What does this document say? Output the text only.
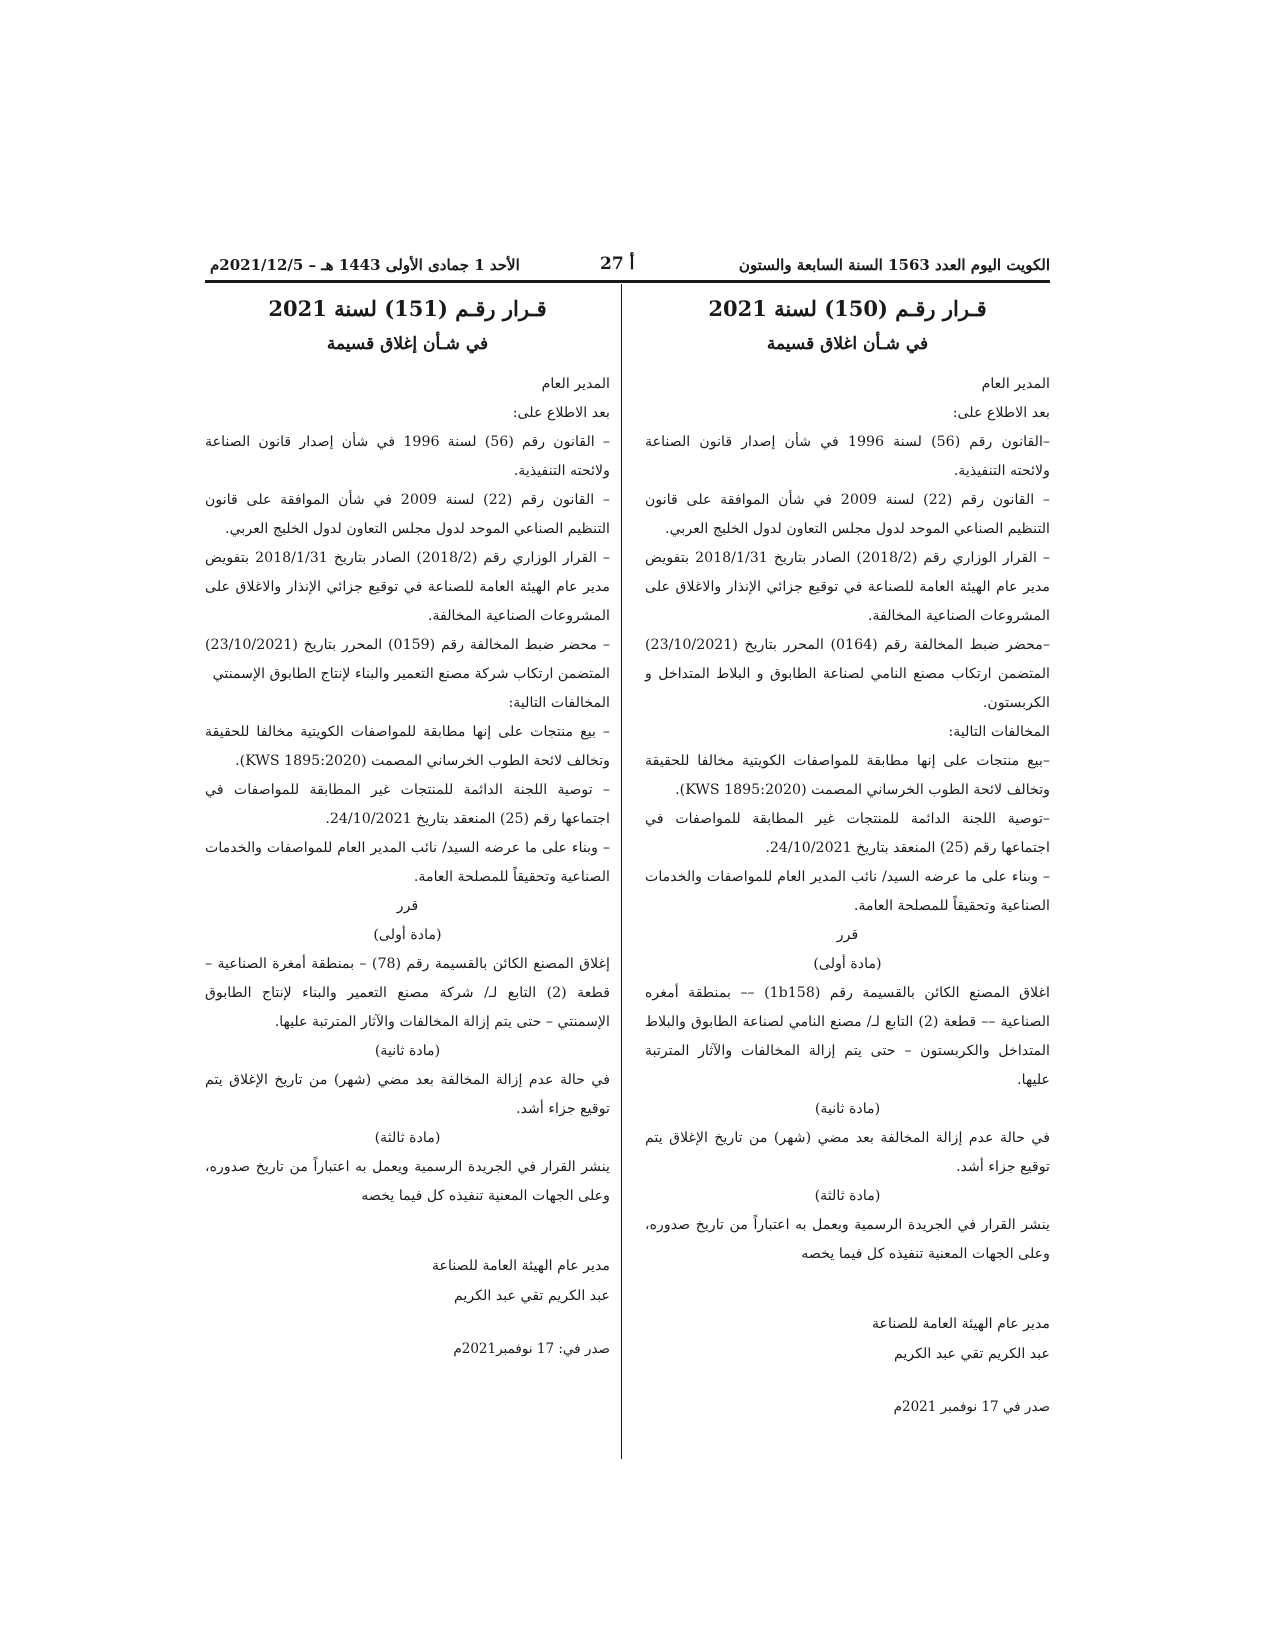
الكويت اليوم العدد 1563 السنة السابعة والستون
أ 27
الأحد 1 جمادى الأولى 1443 هـ – 2021/12/5م
قـرار رقـم (150) لسنة 2021
في شـأن اغلاق قسيمة

المدير العام

بعد الاطلاع على:

–القانون رقم (56) لسنة 1996 في شأن إصدار قانون الصناعة ولائحته التنفيذية.

– القانون رقم (22) لسنة 2009 في شأن الموافقة على قانون التنظيم الصناعي الموحد لدول مجلس التعاون لدول الخليج العربي.

– القرار الوزاري رقم (2018/2) الصادر بتاريخ 2018/1/31 بتفويض مدير عام الهيئة العامة للصناعة في توقيع جزائي الإنذار والاغلاق على المشروعات الصناعية المخالفة.

–محضر ضبط المخالفة رقم (0164) المحرر بتاريخ (23/10/2021) المتضمن ارتكاب مصنع النامي لصناعة الطابوق و البلاط المتداخل و الكربستون.

المخالفات التالية:

–بيع منتجات على إنها مطابقة للمواصفات الكويتية مخالفا للحقيقة وتخالف لائحة الطوب الخرساني المصمت (KWS 1895:2020).

–توصية اللجنة الدائمة للمنتجات غير المطابقة للمواصفات في اجتماعها رقم (25) المنعقد بتاريخ 24/10/2021.

– وبناء على ما عرضه السيد/ نائب المدير العام للمواصفات والخدمات الصناعية وتحقيقاً للمصلحة العامة.

قرر

(مادة أولى)

اغلاق المصنع الكائن بالقسيمة رقم (1b158) –– بمنطقة أمغره الصناعية –– قطعة (2) التابع لـ/ مصنع النامي لصناعة الطابوق والبلاط المتداخل والكربستون – حتى يتم إزالة المخالفات والآثار المترتبة عليها.

(مادة ثانية)

في حالة عدم إزالة المخالفة بعد مضي (شهر) من تاريخ الإغلاق يتم توقيع جزاء أشد.

(مادة ثالثة)

ينشر القرار في الجريدة الرسمية ويعمل به اعتباراً من تاريخ صدوره، وعلى الجهات المعنية تنفيذه كل فيما يخصه

مدير عام الهيئة العامة للصناعة
عبد الكريم تقي عبد الكريم
صدر في 17 نوفمبر 2021م
قـرار رقـم (151) لسنة 2021
في شـأن إغلاق قسيمة

المدير العام

بعد الاطلاع على:

– القانون رقم (56) لسنة 1996 في شأن إصدار قانون الصناعة ولائحته التنفيذية.

– القانون رقم (22) لسنة 2009 في شأن الموافقة على قانون التنظيم الصناعي الموحد لدول مجلس التعاون لدول الخليج العربي.

– القرار الوزاري رقم (2018/2) الصادر بتاريخ 2018/1/31 بتفويض مدير عام الهيئة العامة للصناعة في توقيع جزائي الإنذار والاغلاق على المشروعات الصناعية المخالفة.

– محضر ضبط المخالفة رقم (0159) المحرر بتاريخ (23/10/2021) المتضمن ارتكاب شركة مصنع التعمير والبناء لإنتاج الطابوق الإسمنتي

المخالفات التالية:

– بيع منتجات على إنها مطابقة للمواصفات الكويتية مخالفا للحقيقة وتخالف لائحة الطوب الخرساني المصمت (KWS 1895:2020).

– توصية اللجنة الدائمة للمنتجات غير المطابقة للمواصفات في اجتماعها رقم (25) المنعقد بتاريخ 24/10/2021.

– وبناء على ما عرضه السيد/ نائب المدير العام للمواصفات والخدمات الصناعية وتحقيقاً للمصلحة العامة.

قرر

(مادة أولى)

إغلاق المصنع الكائن بالقسيمة رقم (78) – بمنطقة أمغرة الصناعية – قطعة (2) التابع لـ/ شركة مصنع التعمير والبناء لإنتاج الطابوق الإسمنتي – حتى يتم إزالة المخالفات والآثار المترتبة عليها.

(مادة ثانية)

في حالة عدم إزالة المخالفة بعد مضي (شهر) من تاريخ الإغلاق يتم توقيع جزاء أشد.

(مادة ثالثة)

ينشر القرار في الجريدة الرسمية ويعمل به اعتباراً من تاريخ صدوره، وعلى الجهات المعنية تنفيذه كل فيما يخصه

مدير عام الهيئة العامة للصناعة
عبد الكريم تقي عبد الكريم
صدر في: 17 نوفمبر2021م
